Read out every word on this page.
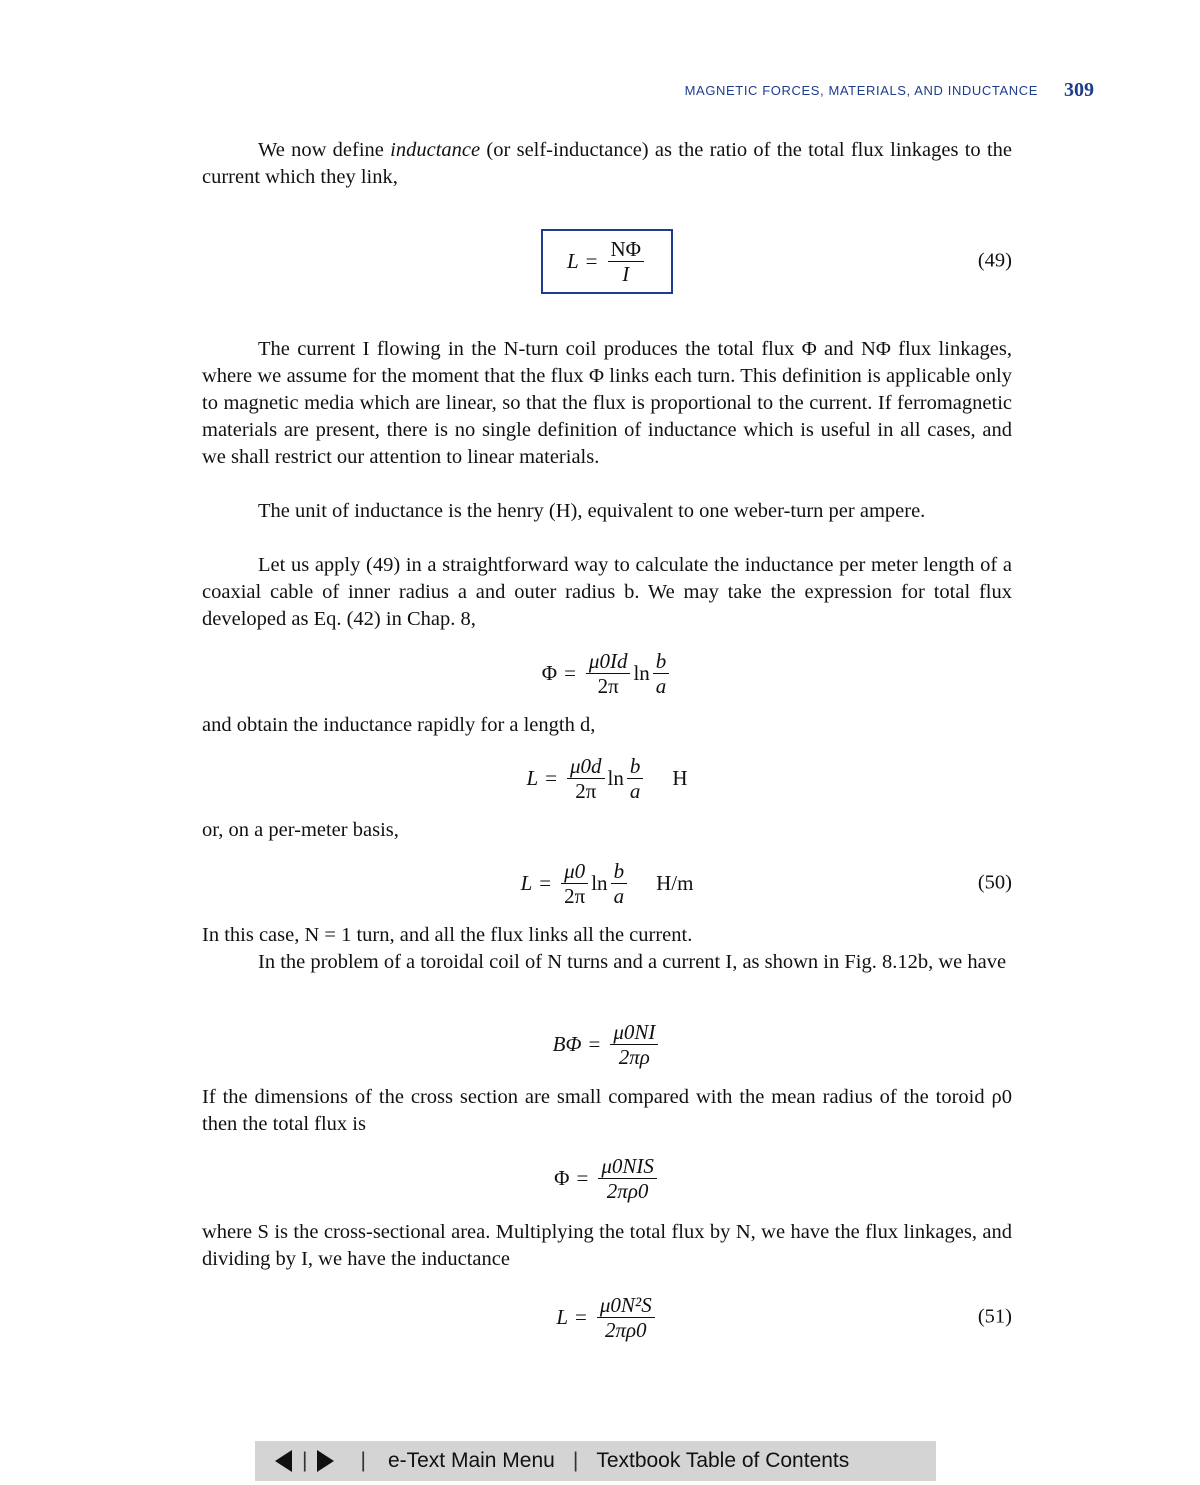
MAGNETIC FORCES, MATERIALS, AND INDUCTANCE 309

We now define inductance (or self-inductance) as the ratio of the total flux linkages to the current which they link,

$L = \frac{N\Phi}{I}$	(49)

The current I flowing in the N-turn coil produces the total flux Φ and NΦ flux linkages, where we assume for the moment that the flux Φ links each turn. This definition is applicable only to magnetic media which are linear, so that the flux is proportional to the current. If ferromagnetic materials are present, there is no single definition of inductance which is useful in all cases, and we shall restrict our attention to linear materials.

The unit of inductance is the henry (H), equivalent to one weber-turn per ampere.

Let us apply (49) in a straightforward way to calculate the inductance per meter length of a coaxial cable of inner radius a and outer radius b. We may take the expression for total flux developed as Eq. (42) in Chap. 8,

$\Phi = \frac{\mu 0Id}{2\pi}$ $\ln \frac{b}{a}$

and obtain the inductance rapidly for a length d,

$L = \frac{\mu 0d}{2\pi}$ $\ln \frac{b}{a}$ H

or, on a per-meter basis,

$L = \frac{\mu 0}{2\pi}$ $\ln \frac{b}{a} H/m$	(50)

In this case, N = 1 turn, and all the flux links all the current.

In the problem of a toroidal coil of N turns and a current I, as shown in Fig. 8.12b, we have

$B\Phi = \frac{\mu 0NI}{2\pi\rho}$

If the dimensions of the cross section are small compared with the mean radius of the toroid ρ0 then the total flux is

$\Phi = \frac{\text{μ0NIS}}{2\pi\rho 0}$

where S is the cross-sectional area. Multiplying the total flux by N, we have the flux linkages, and dividing by I, we have the inductance

$L = \frac{\text{μ0N²S}}{2\pi\rho 0}$	(51)
|	| e-Text Main Menu | Textbook Table of Contents
